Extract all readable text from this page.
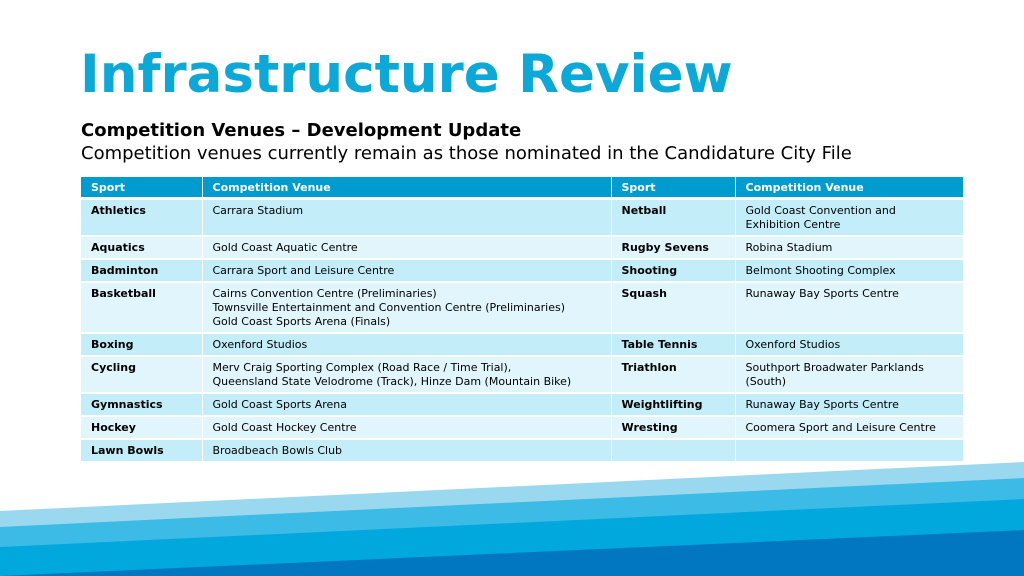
Infrastructure Review

Competition Venues – Development Update

Competition venues currently remain as those nominated in the Candidature City File

Sport	Competition Venue	Sport	Competition Venue
Athletics	Carrara Stadium	Netball	Gold Coast Convention and
Exhibition Centre
Aquatics	Gold Coast Aquatic Centre	Rugby Sevens	Robina Stadium
Badminton	Carrara Sport and Leisure Centre	Shooting	Belmont Shooting Complex
Basketball	Cairns Convention Centre (Preliminaries)
Townsville Entertainment and Convention Centre (Preliminaries)
Gold Coast Sports Arena (Finals)	Squash	Runaway Bay Sports Centre
Boxing	Oxenford Studios	Table Tennis	Oxenford Studios
Cycling	Merv Craig Sporting Complex (Road Race / Time Trial),
Queensland State Velodrome (Track), Hinze Dam (Mountain Bike)	Triathlon	Southport Broadwater Parklands
(South)
Gymnastics	Gold Coast Sports Arena	Weightlifting	Runaway Bay Sports Centre
Hockey	Gold Coast Hockey Centre	Wresting	Coomera Sport and Leisure Centre
Lawn Bowls	Broadbeach Bowls Club		
